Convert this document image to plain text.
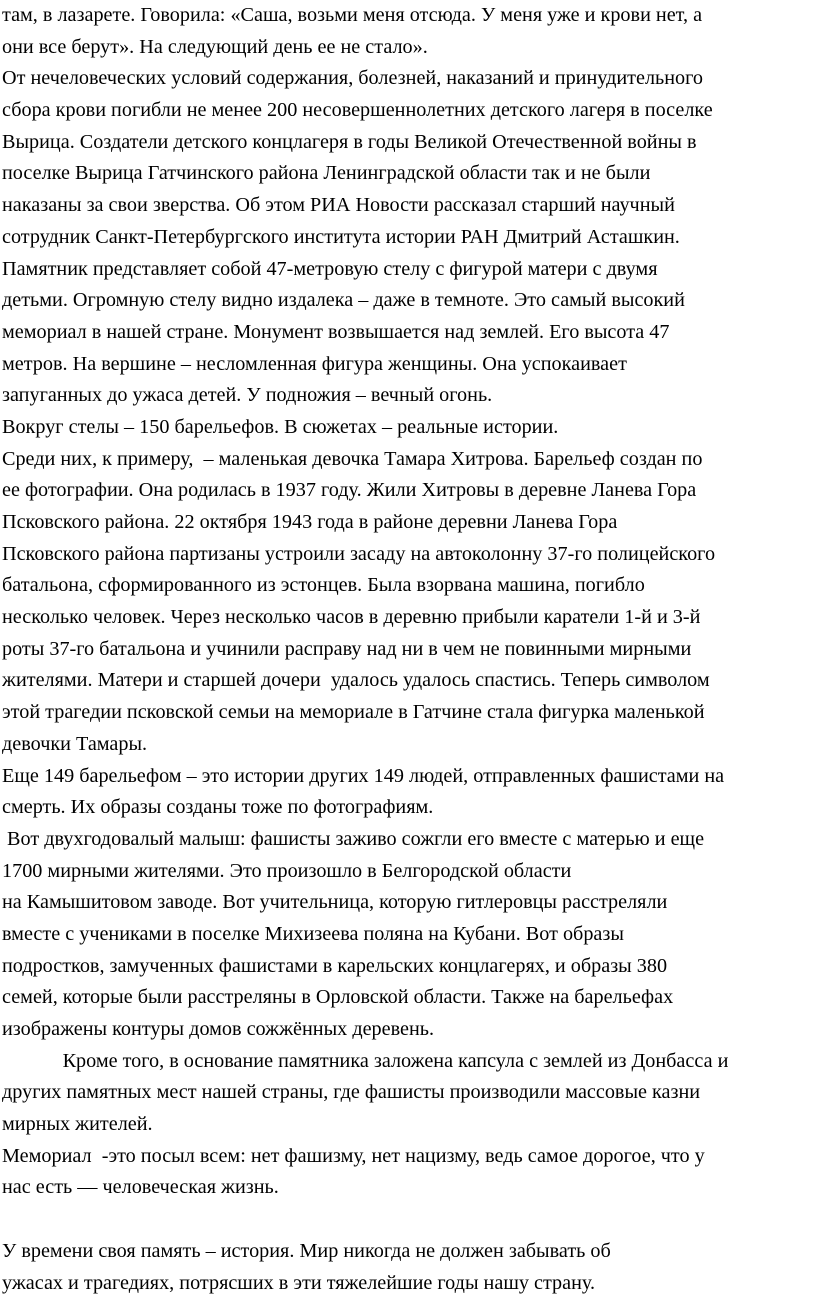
там, в лазарете. Говорила: «Саша, возьми меня отсюда. У меня уже и крови нет, а
они все берут». На следующий день ее не стало».
От нечеловеческих условий содержания, болезней, наказаний и принудительного
сбора крови погибли не менее 200 несовершеннолетних детского лагеря в поселке
Вырица. Создатели детского концлагеря в годы Великой Отечественной войны в
поселке Вырица Гатчинского района Ленинградской области так и не были
наказаны за свои зверства. Об этом РИА Новости рассказал старший научный
сотрудник Санкт-Петербургского института истории РАН Дмитрий Асташкин.
Памятник представляет собой 47-метровую стелу с фигурой матери с двумя
детьми. Огромную стелу видно издалека – даже в темноте. Это самый высокий
мемориал в нашей стране. Монумент возвышается над землей. Его высота 47
метров. На вершине – несломленная фигура женщины. Она успокаивает
запуганных до ужаса детей. У подножия – вечный огонь.
Вокруг стелы – 150 барельефов. В сюжетах – реальные истории.
Среди них, к примеру,  – маленькая девочка Тамара Хитрова. Барельеф создан по
ее фотографии. Она родилась в 1937 году. Жили Хитровы в деревне Ланева Гора
Псковского района. 22 октября 1943 года в районе деревни Ланева Гора
Псковского района партизаны устроили засаду на автоколонну 37-го полицейского
батальона, сформированного из эстонцев. Была взорвана машина, погибло
несколько человек. Через несколько часов в деревню прибыли каратели 1-й и 3-й
роты 37-го батальона и учинили расправу над ни в чем не повинными мирными
жителями. Матери и старшей дочери  удалось удалось спастись. Теперь символом
этой трагедии псковской семьи на мемориале в Гатчине стала фигурка маленькой
девочки Тамары.
Еще 149 барельефом – это истории других 149 людей, отправленных фашистами на
смерть. Их образы созданы тоже по фотографиям.
Вот двухгодовалый малыш: фашисты заживо сожгли его вместе с матерью и еще
1700 мирными жителями. Это произошло в Белгородской области
на Камышитовом заводе. Вот учительница, которую гитлеровцы расстреляли
вместе с учениками в поселке Михизеева поляна на Кубани. Вот образы
подростков, замученных фашистами в карельских концлагерях, и образы 380
семей, которые были расстреляны в Орловской области. Также на барельефах
изображены контуры домов сожжённых деревень.
Кроме того, в основание памятника заложена капсула с землей из Донбасса и
других памятных мест нашей страны, где фашисты производили массовые казни
мирных жителей.
Мемориал  -это посыл всем: нет фашизму, нет нацизму, ведь самое дорогое, что у
нас есть — человеческая жизнь.
У времени своя память – история. Мир никогда не должен забывать об
ужасах и трагедиях, потрясших в эти тяжелейшие годы нашу страну.
